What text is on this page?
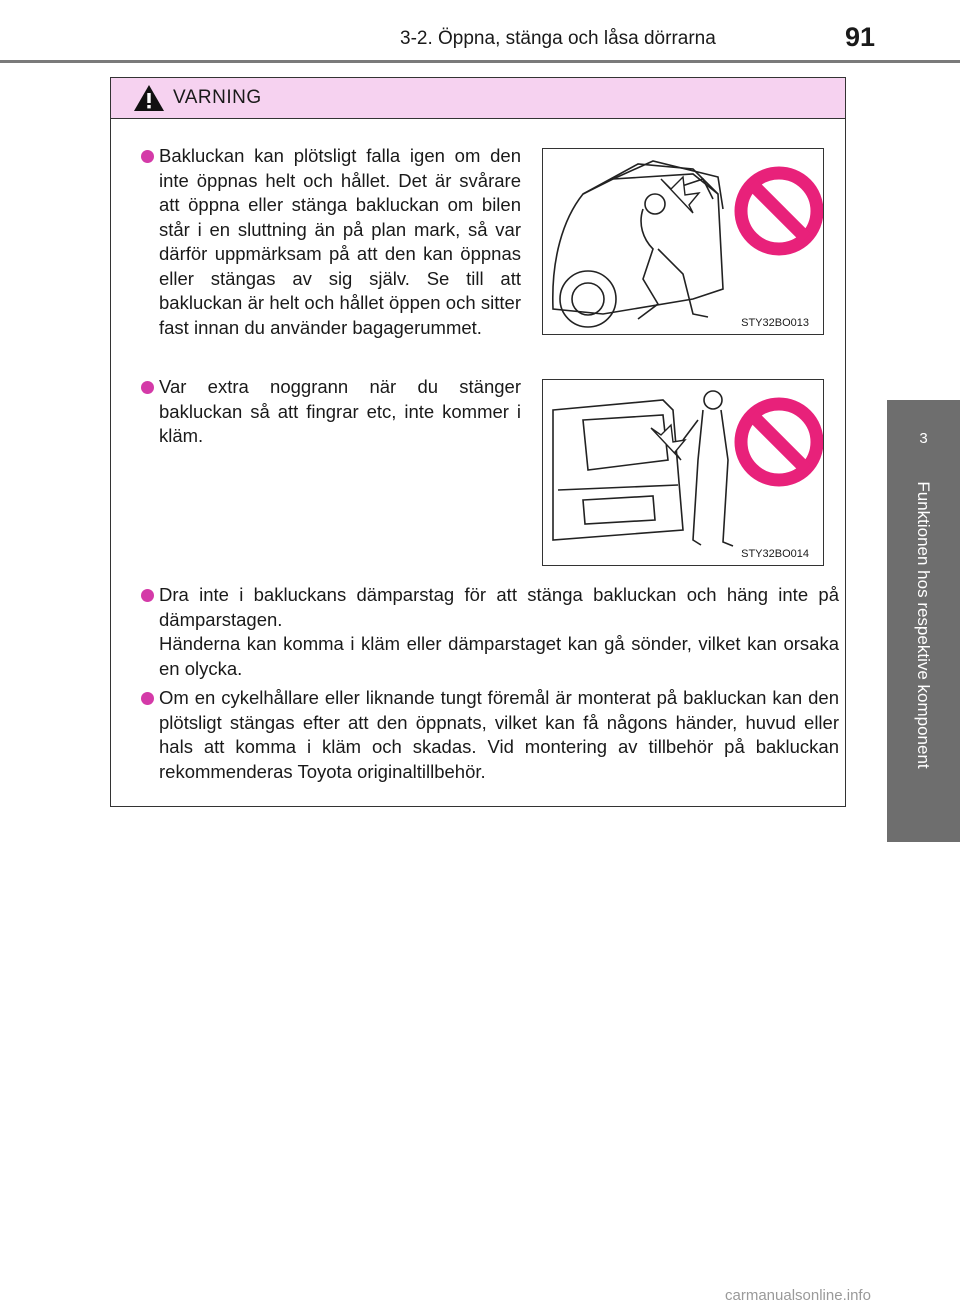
3-2. Öppna, stänga och låsa dörrarna	91
3
Funktionen hos respektive komponent
VARNING

Bakluckan kan plötsligt falla igen om den inte öppnas helt och hållet. Det är svårare att öppna eller stänga bakluckan om bilen står i en sluttning än på plan mark, så var därför uppmärksam på att den kan öppnas eller stängas av sig själv. Se till att bakluckan är helt och hållet öppen och sitter fast innan du använder bagagerummet.	STY32BO013

Var extra noggrann när du stänger bakluckan så att fingrar etc, inte kommer i kläm.

STY32BO014

Dra inte i bakluckans dämparstag för att stänga bakluckan och häng inte på dämparstagen.

Händerna kan komma i kläm eller dämparstaget kan gå sönder, vilket kan orsaka en olycka.

Om en cykelhållare eller liknande tungt föremål är monterat på bakluckan kan den plötsligt stängas efter att den öppnats, vilket kan få någons händer, huvud eller hals att komma i kläm och skadas. Vid montering av tillbehör på bakluckan rekommenderas Toyota originaltillbehör.

carmanualsonline.info
